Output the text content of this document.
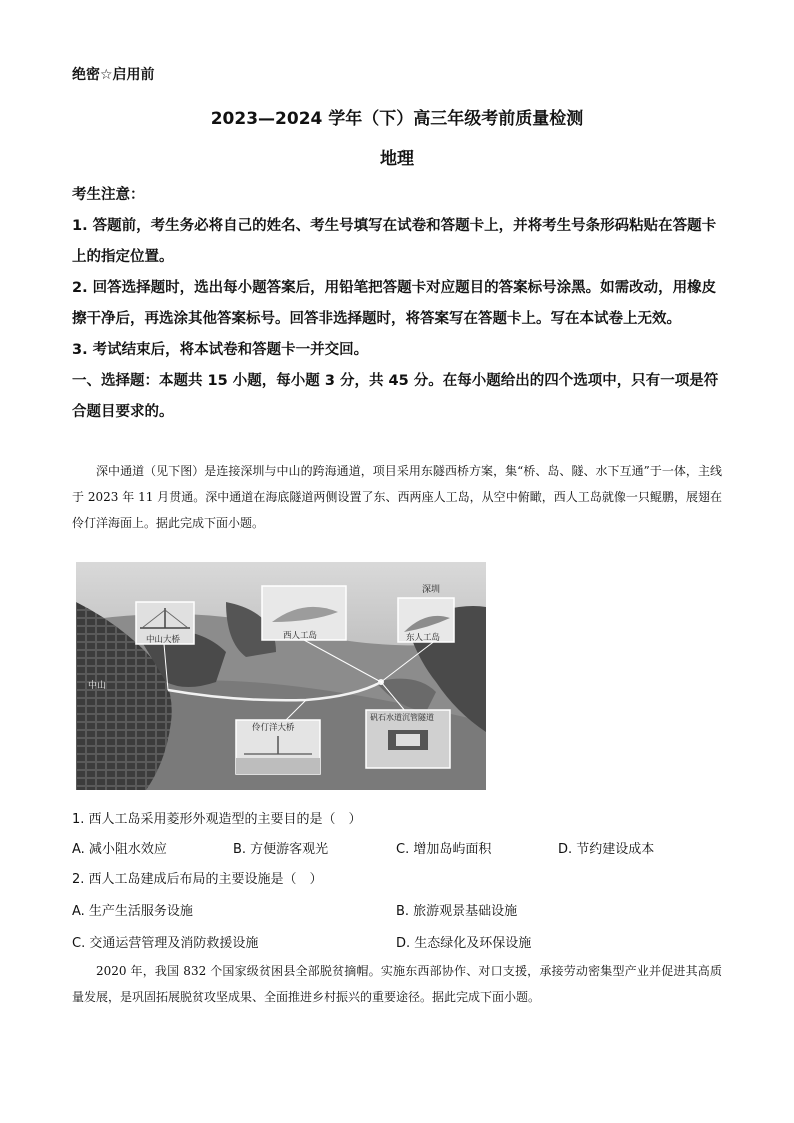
绝密☆启用前
2023—2024 学年（下）高三年级考前质量检测
地理

考生注意：

1. 答题前，考生务必将自己的姓名、考生号填写在试卷和答题卡上，并将考生号条形码粘贴在答题卡上的指定位置。

2. 回答选择题时，选出每小题答案后，用铅笔把答题卡对应题目的答案标号涂黑。如需改动，用橡皮擦干净后，再选涂其他答案标号。回答非选择题时，将答案写在答题卡上。写在本试卷上无效。

3. 考试结束后，将本试卷和答题卡一并交回。

一、选择题：本题共 15 小题，每小题 3 分，共 45 分。在每小题给出的四个选项中，只有一项是符合题目要求的。

深中通道（见下图）是连接深圳与中山的跨海通道，项目采用东隧西桥方案，集“桥、岛、隧、水下互通”于一体，主线于 2023 年 11 月贯通。深中通道在海底隧道两侧设置了东、西两座人工岛，从空中俯瞰，西人工岛就像一只鲲鹏，展翅在伶仃洋海面上。据此完成下面小题。
深圳
西人工岛	东人工岛
中山大桥
中山
伶仃洋大桥
矾石水道沉管隧道
1. 西人工岛采用菱形外观造型的主要目的是（　）
A. 减小阻水效应	B. 方便游客观光	C. 增加岛屿面积	D. 节约建设成本
2. 西人工岛建成后布局的主要设施是（　）
A. 生产生活服务设施	B. 旅游观景基础设施
C. 交通运营管理及消防救援设施	D. 生态绿化及环保设施
2020 年，我国 832 个国家级贫困县全部脱贫摘帽。实施东西部协作、对口支援，承接劳动密集型产业并促进其高质量发展，是巩固拓展脱贫攻坚成果、全面推进乡村振兴的重要途径。据此完成下面小题。
